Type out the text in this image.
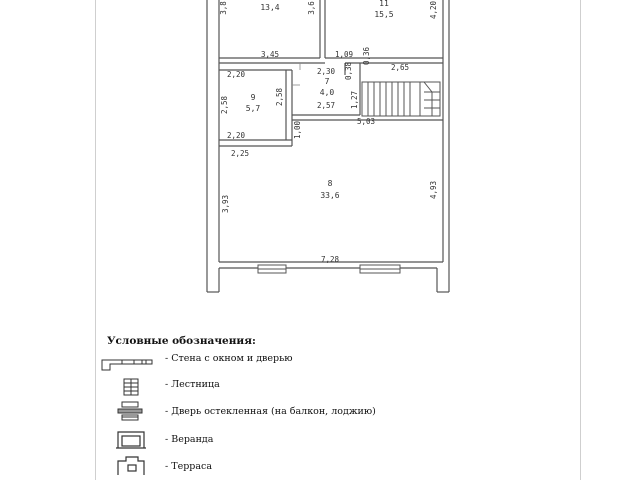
13,4	11
15,5
7
4,0
9
5,7
8
33,6
3,8	3,6	4,20
3,45	1,09 0,36
2,20	2,30 0,38	2,65
2,58	2,58	2,57 1,27
5,03
1,00
2,20
2,25
3,93
4,93
7,28
Условные обозначения:
- Стена с окном и дверью
- Лестница
- Дверь остекленная (на балкон, лоджию)
- Веранда
- Терраса
